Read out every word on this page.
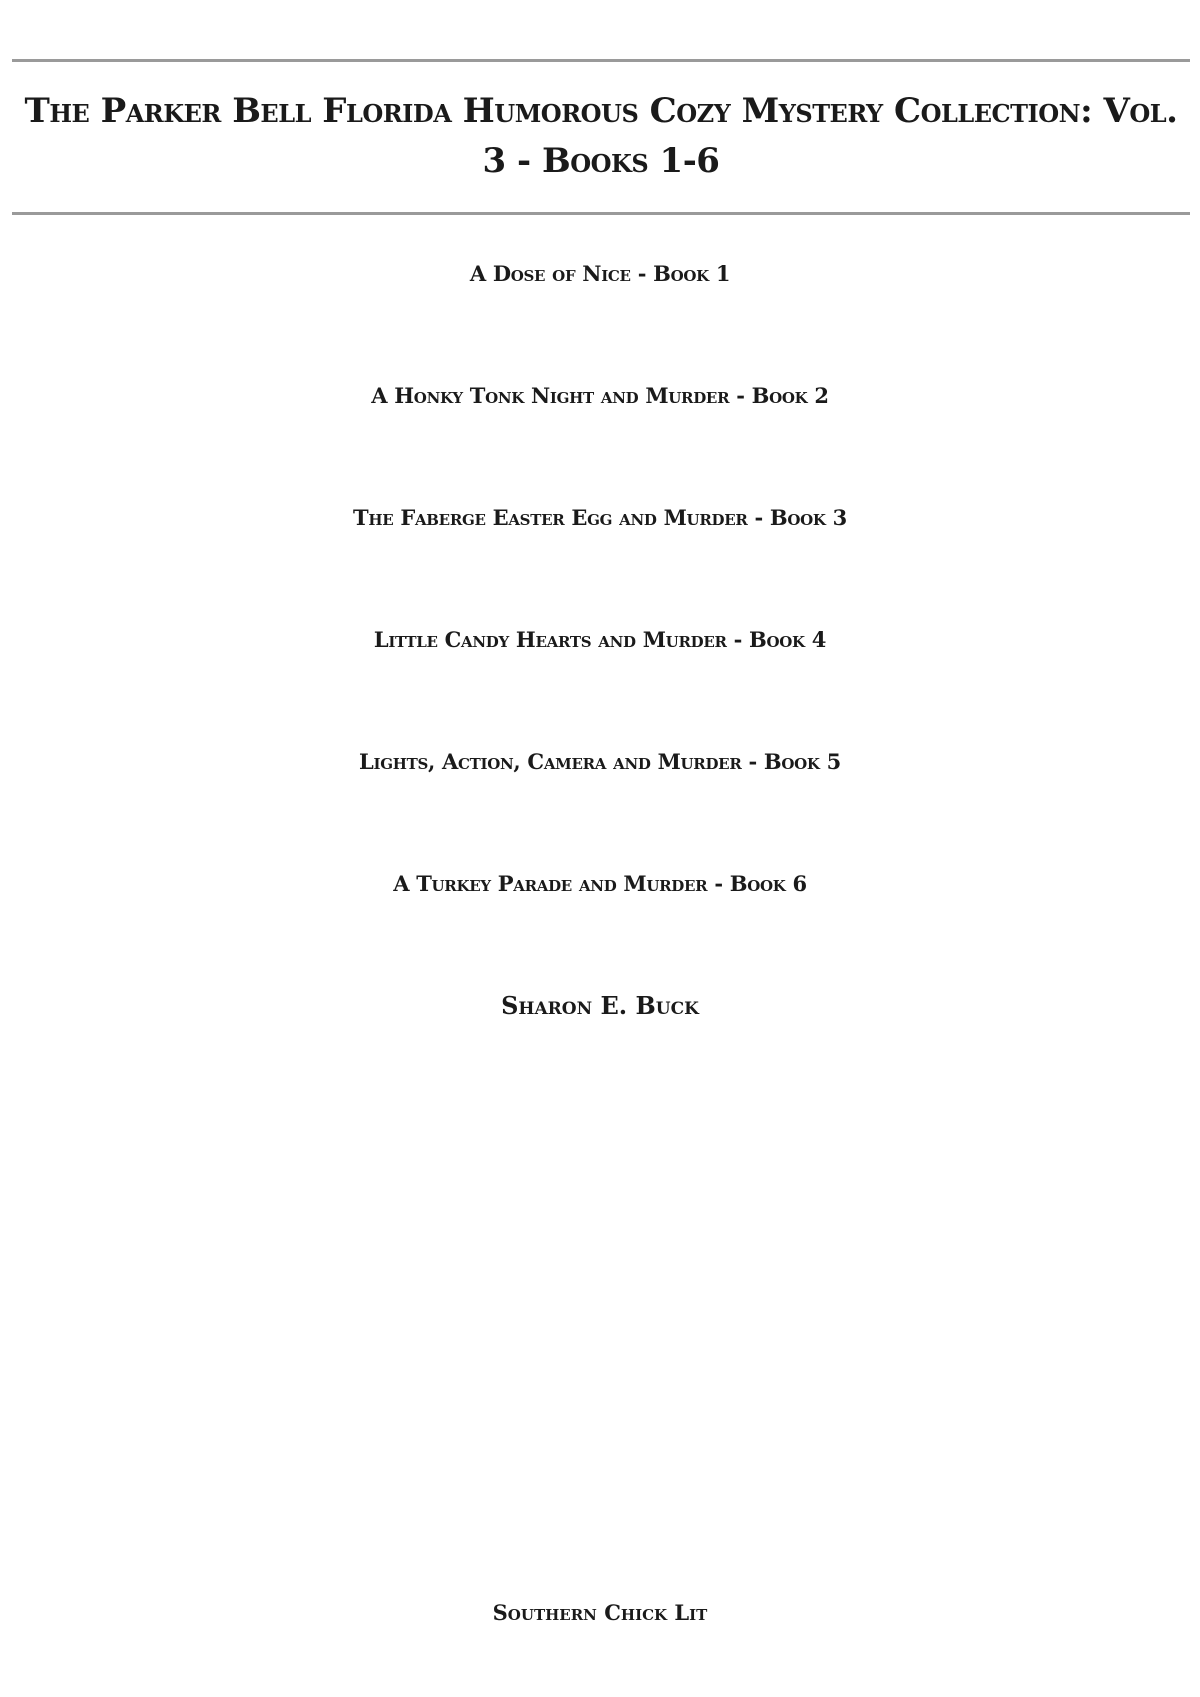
The Parker Bell Florida Humorous Cozy Mystery Collection: Vol. 3 - Books 1-6
A Dose of Nice - Book 1
A Honky Tonk Night and Murder - Book 2
The Faberge Easter Egg and Murder - Book 3
Little Candy Hearts and Murder - Book 4
Lights, Action, Camera and Murder - Book 5
A Turkey Parade and Murder - Book 6
Sharon E. Buck
Southern Chick Lit
